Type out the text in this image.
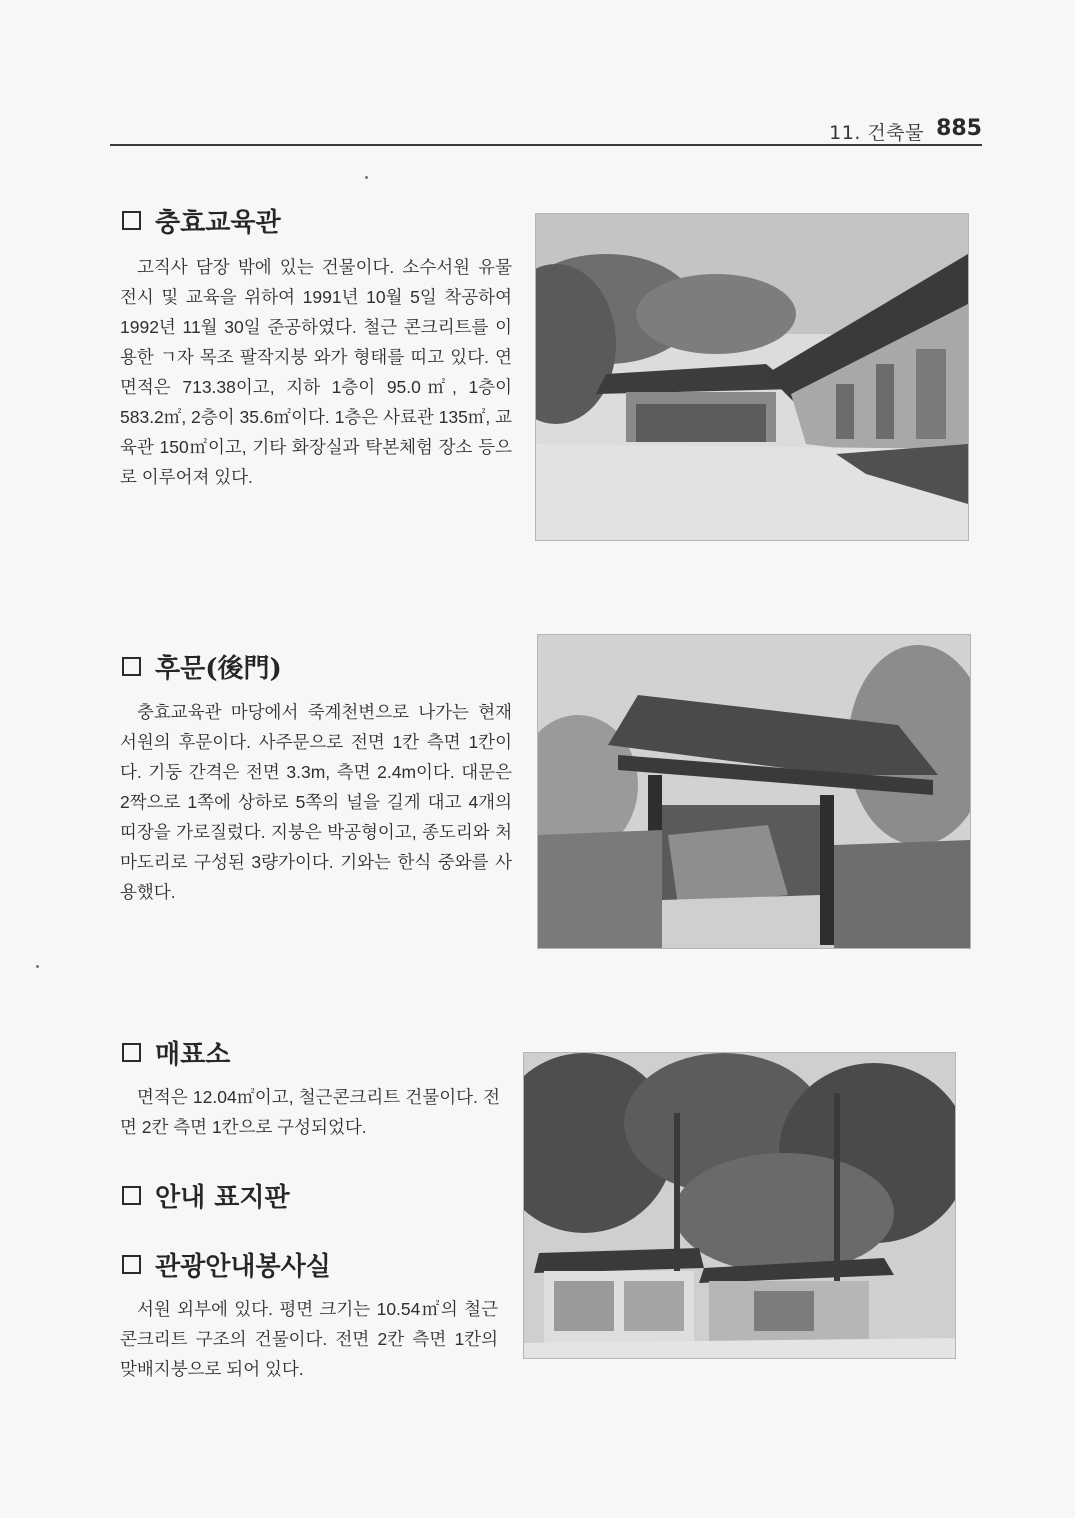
11. 건축물 885
충효교육관

고직사 담장 밖에 있는 건물이다. 소수서원 유물 전시 및 교육을 위하여 1991년 10월 5일 착공하여 1992년 11월 30일 준공하였다. 철근 콘크리트를 이용한 ㄱ자 목조 팔작지붕 와가 형태를 띠고 있다. 연 면적은 713.38이고, 지하 1층이 95.0㎡, 1층이 583.2㎡, 2층이 35.6㎡이다. 1층은 사료관 135㎡, 교육관 150㎡이고, 기타 화장실과 탁본체험 장소 등으로 이루어져 있다.

후문(後門)

충효교육관 마당에서 죽계천변으로 나가는 현재 서원의 후문이다. 사주문으로 전면 1칸 측면 1칸이다. 기둥 간격은 전면 3.3m, 측면 2.4m이다. 대문은 2짝으로 1쪽에 상하로 5쪽의 널을 길게 대고 4개의 띠장을 가로질렀다. 지붕은 박공형이고, 종도리와 처마도리로 구성된 3량가이다. 기와는 한식 중와를 사용했다.

매표소

면적은 12.04㎡이고, 철근콘크리트 건물이다. 전면 2칸 측면 1칸으로 구성되었다.

안내 표지판
관광안내봉사실

서원 외부에 있다. 평면 크기는 10.54㎡의 철근콘크리트 구조의 건물이다. 전면 2칸 측면 1칸의 맞배지붕으로 되어 있다.
